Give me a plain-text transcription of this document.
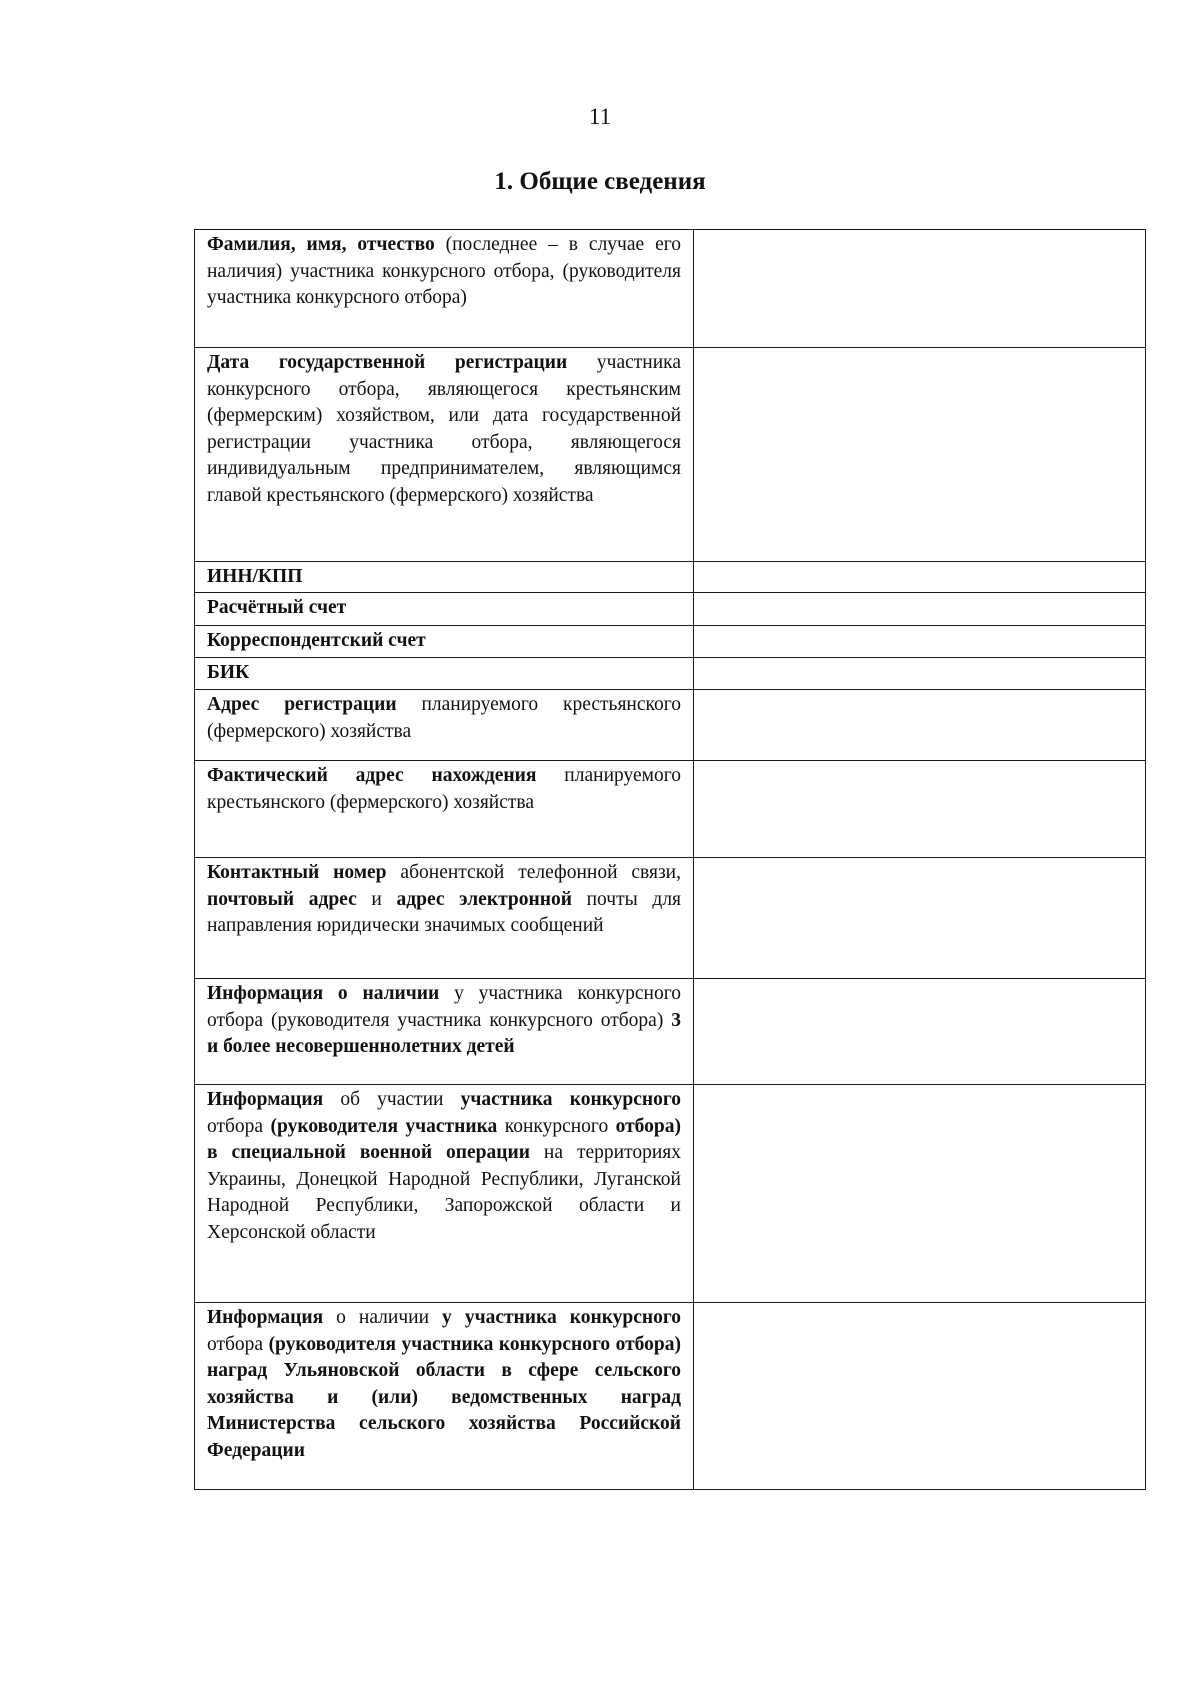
11
1. Общие сведения
Фамилия, имя, отчество (последнее – в случае его наличия) участника конкурсного отбора, (руководителя участника конкурсного отбора)	
Дата государственной регистрации участника конкурсного отбора, являющегося крестьянским (фермерским) хозяйством, или дата государственной регистрации участника отбора, являющегося индивидуальным предпринимателем, являющимся главой крестьянского (фермерского) хозяйства	
ИНН/КПП	
Расчётный счет	
Корреспондентский счет	
БИК	
Адрес регистрации планируемого крестьянского (фермерского) хозяйства	
Фактический адрес нахождения планируемого крестьянского (фермерского) хозяйства	
Контактный номер абонентской телефонной связи, почтовый адрес и адрес электронной почты для направления юридически значимых сообщений	
Информация о наличии у участника конкурсного отбора (руководителя участника конкурсного отбора) 3 и более несовершеннолетних детей	
Информация об участии участника конкурсного отбора (руководителя участника конкурсного отбора) в специальной военной операции на территориях Украины, Донецкой Народной Республики, Луганской Народной Республики, Запорожской области и Херсонской области	
Информация о наличии у участника конкурсного отбора (руководителя участника конкурсного отбора) наград Ульяновской области в сфере сельского хозяйства и (или) ведомственных наград Министерства сельского хозяйства Российской Федерации	
